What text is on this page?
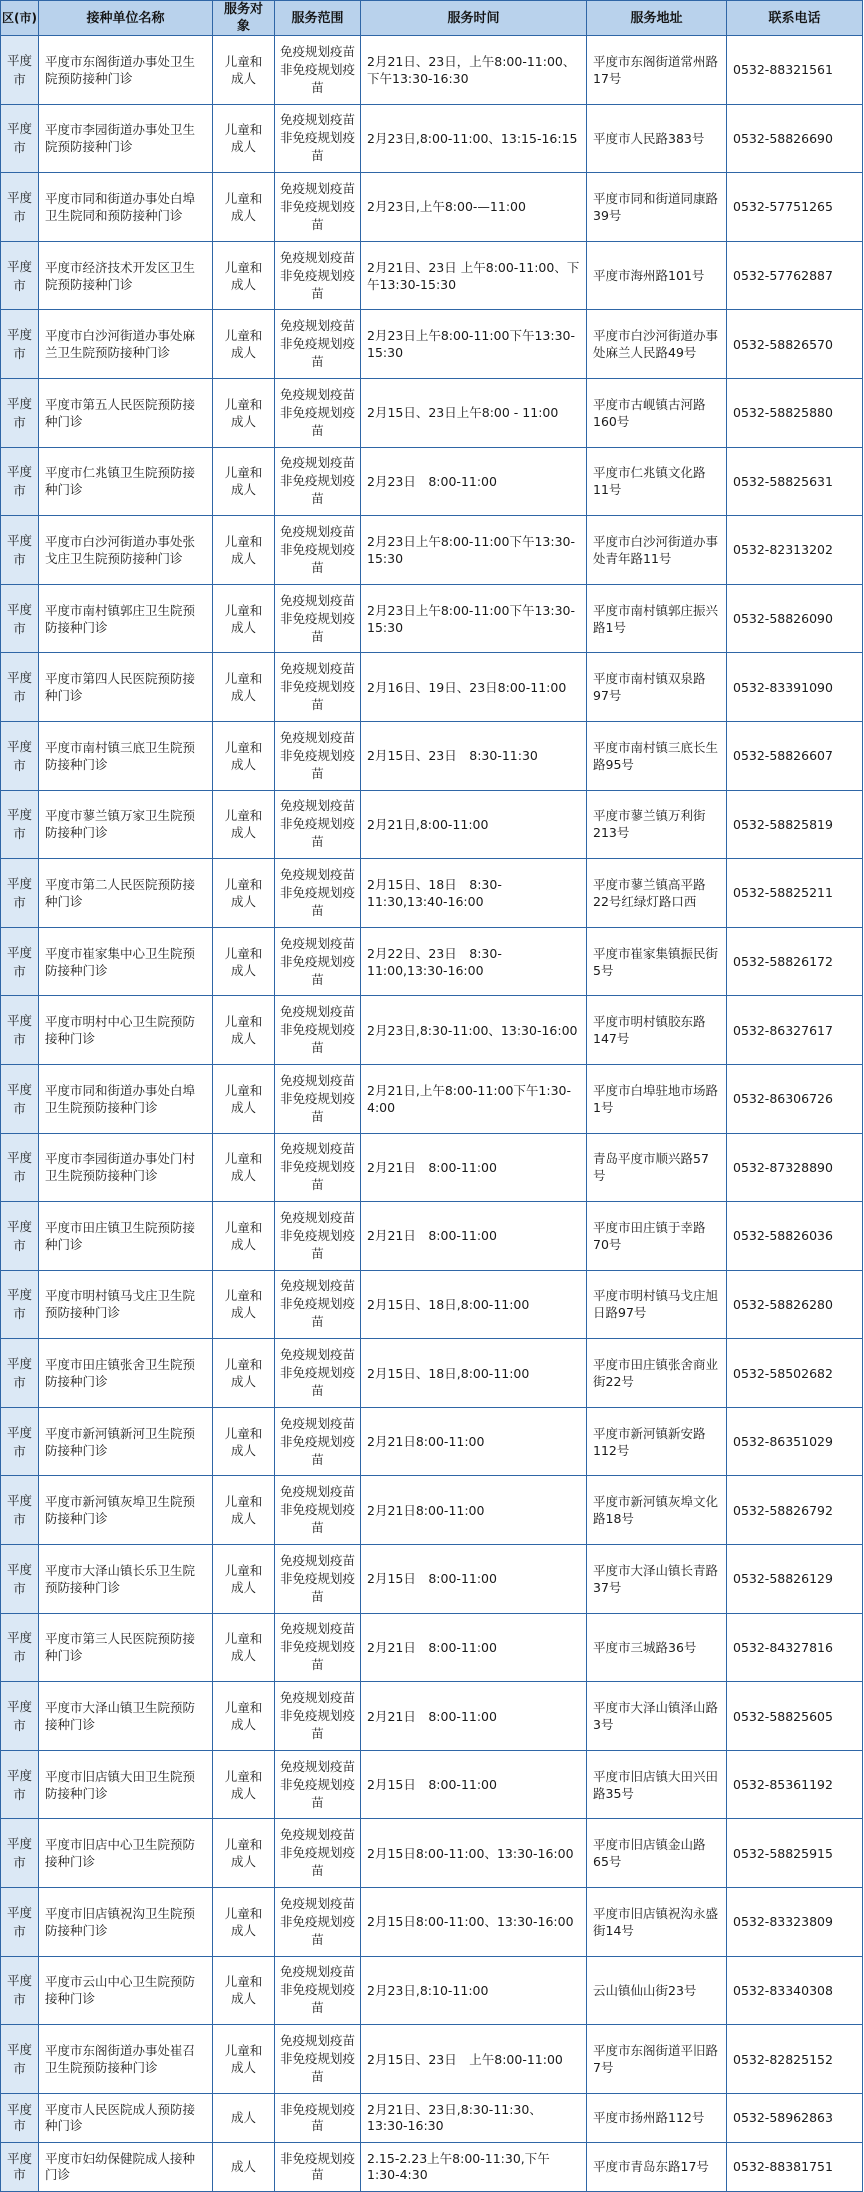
区(市)	接种单位名称	服务对象	服务范围	服务时间	服务地址	联系电话
平度市	平度市东阁街道办事处卫生院预防接种门诊	儿童和成人	免疫规划疫苗非免疫规划疫苗	2月21日、23日，上午8:00-11:00、下午13:30-16:30	平度市东阁街道常州路17号	0532-88321561
平度市	平度市李园街道办事处卫生院预防接种门诊	儿童和成人	免疫规划疫苗非免疫规划疫苗	2月23日,8:00-11:00、13:15-16:15	平度市人民路383号	0532-58826690
平度市	平度市同和街道办事处白埠卫生院同和预防接种门诊	儿童和成人	免疫规划疫苗非免疫规划疫苗	2月23日,上午8:00-—11:00	平度市同和街道同康路39号	0532-57751265
平度市	平度市经济技术开发区卫生院预防接种门诊	儿童和成人	免疫规划疫苗非免疫规划疫苗	2月21日、23日 上午8:00-11:00、下午13:30-15:30	平度市海州路101号	0532-57762887
平度市	平度市白沙河街道办事处麻兰卫生院预防接种门诊	儿童和成人	免疫规划疫苗非免疫规划疫苗	2月23日上午8:00-11:00下午13:30-15:30	平度市白沙河街道办事处麻兰人民路49号	0532-58826570
平度市	平度市第五人民医院预防接种门诊	儿童和成人	免疫规划疫苗非免疫规划疫苗	2月15日、23日上午8:00 - 11:00	平度市古岘镇古河路160号	0532-58825880
平度市	平度市仁兆镇卫生院预防接种门诊	儿童和成人	免疫规划疫苗非免疫规划疫苗	2月23日　8:00-11:00	平度市仁兆镇文化路11号	0532-58825631
平度市	平度市白沙河街道办事处张戈庄卫生院预防接种门诊	儿童和成人	免疫规划疫苗非免疫规划疫苗	2月23日上午8:00-11:00下午13:30-15:30	平度市白沙河街道办事处青年路11号	0532-82313202
平度市	平度市南村镇郭庄卫生院预防接种门诊	儿童和成人	免疫规划疫苗非免疫规划疫苗	2月23日上午8:00-11:00下午13:30-15:30	平度市南村镇郭庄振兴路1号	0532-58826090
平度市	平度市第四人民医院预防接种门诊	儿童和成人	免疫规划疫苗非免疫规划疫苗	2月16日、19日、23日8:00-11:00	平度市南村镇双泉路97号	0532-83391090
平度市	平度市南村镇三底卫生院预防接种门诊	儿童和成人	免疫规划疫苗非免疫规划疫苗	2月15日、23日　8:30-11:30	平度市南村镇三底长生路95号	0532-58826607
平度市	平度市蓼兰镇万家卫生院预防接种门诊	儿童和成人	免疫规划疫苗非免疫规划疫苗	2月21日,8:00-11:00	平度市蓼兰镇万利街213号	0532-58825819
平度市	平度市第二人民医院预防接种门诊	儿童和成人	免疫规划疫苗非免疫规划疫苗	2月15日、18日　8:30-11:30,13:40-16:00	平度市蓼兰镇高平路22号红绿灯路口西	0532-58825211
平度市	平度市崔家集中心卫生院预防接种门诊	儿童和成人	免疫规划疫苗非免疫规划疫苗	2月22日、23日　8:30-11:00,13:30-16:00	平度市崔家集镇振民街5号	0532-58826172
平度市	平度市明村中心卫生院预防接种门诊	儿童和成人	免疫规划疫苗非免疫规划疫苗	2月23日,8:30-11:00、13:30-16:00	平度市明村镇胶东路147号	0532-86327617
平度市	平度市同和街道办事处白埠卫生院预防接种门诊	儿童和成人	免疫规划疫苗非免疫规划疫苗	2月21日,上午8:00-11:00下午1:30-4:00	平度市白埠驻地市场路1号	0532-86306726
平度市	平度市李园街道办事处门村卫生院预防接种门诊	儿童和成人	免疫规划疫苗非免疫规划疫苗	2月21日　8:00-11:00	青岛平度市顺兴路57号	0532-87328890
平度市	平度市田庄镇卫生院预防接种门诊	儿童和成人	免疫规划疫苗非免疫规划疫苗	2月21日　8:00-11:00	平度市田庄镇于幸路70号	0532-58826036
平度市	平度市明村镇马戈庄卫生院预防接种门诊	儿童和成人	免疫规划疫苗非免疫规划疫苗	2月15日、18日,8:00-11:00	平度市明村镇马戈庄旭日路97号	0532-58826280
平度市	平度市田庄镇张舍卫生院预防接种门诊	儿童和成人	免疫规划疫苗非免疫规划疫苗	2月15日、18日,8:00-11:00	平度市田庄镇张舍商业街22号	0532-58502682
平度市	平度市新河镇新河卫生院预防接种门诊	儿童和成人	免疫规划疫苗非免疫规划疫苗	2月21日8:00-11:00	平度市新河镇新安路112号	0532-86351029
平度市	平度市新河镇灰埠卫生院预防接种门诊	儿童和成人	免疫规划疫苗非免疫规划疫苗	2月21日8:00-11:00	平度市新河镇灰埠文化路18号	0532-58826792
平度市	平度市大泽山镇长乐卫生院预防接种门诊	儿童和成人	免疫规划疫苗非免疫规划疫苗	2月15日　8:00-11:00	平度市大泽山镇长青路37号	0532-58826129
平度市	平度市第三人民医院预防接种门诊	儿童和成人	免疫规划疫苗非免疫规划疫苗	2月21日　8:00-11:00	平度市三城路36号	0532-84327816
平度市	平度市大泽山镇卫生院预防接种门诊	儿童和成人	免疫规划疫苗非免疫规划疫苗	2月21日　8:00-11:00	平度市大泽山镇泽山路3号	0532-58825605
平度市	平度市旧店镇大田卫生院预防接种门诊	儿童和成人	免疫规划疫苗非免疫规划疫苗	2月15日　8:00-11:00	平度市旧店镇大田兴田路35号	0532-85361192
平度市	平度市旧店中心卫生院预防接种门诊	儿童和成人	免疫规划疫苗非免疫规划疫苗	2月15日8:00-11:00、13:30-16:00	平度市旧店镇金山路65号	0532-58825915
平度市	平度市旧店镇祝沟卫生院预防接种门诊	儿童和成人	免疫规划疫苗非免疫规划疫苗	2月15日8:00-11:00、13:30-16:00	平度市旧店镇祝沟永盛街14号	0532-83323809
平度市	平度市云山中心卫生院预防接种门诊	儿童和成人	免疫规划疫苗非免疫规划疫苗	2月23日,8:10-11:00	云山镇仙山街23号	0532-83340308
平度市	平度市东阁街道办事处崔召卫生院预防接种门诊	儿童和成人	免疫规划疫苗非免疫规划疫苗	2月15日、23日　上午8:00-11:00	平度市东阁街道平旧路7号	0532-82825152
平度市	平度市人民医院成人预防接种门诊	成人	非免疫规划疫苗	2月21日、23日,8:30-11:30、13:30-16:30	平度市扬州路112号	0532-58962863
平度市	平度市妇幼保健院成人接种门诊	成人	非免疫规划疫苗	2.15-2.23上午8:00-11:30,下午1:30-4:30	平度市青岛东路17号	0532-88381751
